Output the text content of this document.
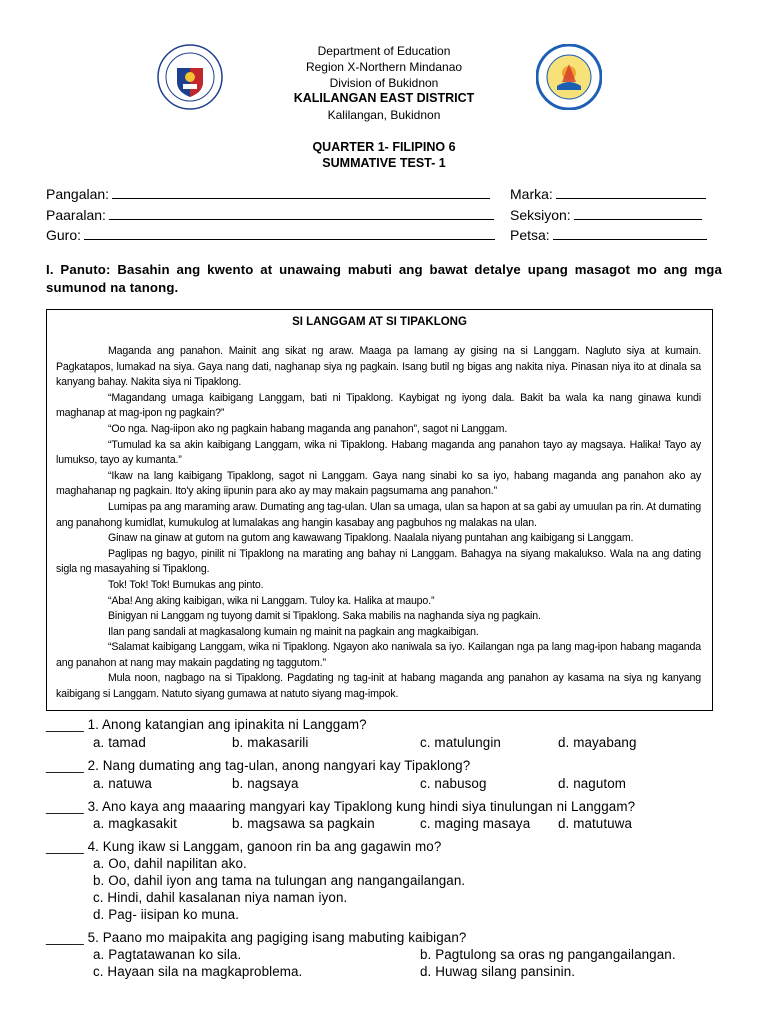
Department of Education
Region X-Northern Mindanao
Division of Bukidnon
KALILANGAN EAST DISTRICT
Kalilangan, Bukidnon
QUARTER 1- FILIPINO 6
SUMMATIVE TEST- 1
Pangalan:	Marka:
Paaralan:	Seksiyon:
Guro:	Petsa:
I. Panuto: Basahin ang kwento at unawaing mabuti ang bawat detalye upang masagot mo ang mga sumunod na tanong.
SI LANGGAM AT SI TIPAKLONG

Maganda ang panahon. Mainit ang sikat ng araw. Maaga pa lamang ay gising na si Langgam. Nagluto siya at kumain. Pagkatapos, lumakad na siya. Gaya nang dati, naghanap siya ng pagkain. Isang butil ng bigas ang nakita niya. Pinasan niya ito at dinala sa kanyang bahay. Nakita siya ni Tipaklong.

“Magandang umaga kaibigang Langgam, bati ni Tipaklong. Kaybigat ng iyong dala. Bakit ba wala ka nang ginawa kundi maghanap at mag-ipon ng pagkain?”

“Oo nga. Nag-iipon ako ng pagkain habang maganda ang panahon”, sagot ni Langgam.

“Tumulad ka sa akin kaibigang Langgam, wika ni Tipaklong. Habang maganda ang panahon tayo ay magsaya. Halika! Tayo ay lumukso, tayo ay kumanta.”

“Ikaw na lang kaibigang Tipaklong, sagot ni Langgam. Gaya nang sinabi ko sa iyo, habang maganda ang panahon ako ay maghahanap ng pagkain. Ito'y aking iipunin para ako ay may makain pagsumama ang panahon.”

Lumipas pa ang maraming araw. Dumating ang tag-ulan. Ulan sa umaga, ulan sa hapon at sa gabi ay umuulan pa rin. At dumating ang panahong kumidlat, kumukulog at lumalakas ang hangin kasabay ang pagbuhos ng malakas na ulan.

Ginaw na ginaw at gutom na gutom ang kawawang Tipaklong. Naalala niyang puntahan ang kaibigang si Langgam.

Paglipas ng bagyo, pinilit ni Tipaklong na marating ang bahay ni Langgam. Bahagya na siyang makalukso. Wala na ang dating sigla ng masayahing si Tipaklong.

Tok! Tok! Tok! Bumukas ang pinto.

“Aba! Ang aking kaibigan, wika ni Langgam. Tuloy ka. Halika at maupo.”

Binigyan ni Langgam ng tuyong damit si Tipaklong. Saka mabilis na naghanda siya ng pagkain.

Ilan pang sandali at magkasalong kumain ng mainit na pagkain ang magkaibigan.

“Salamat kaibigang Langgam, wika ni Tipaklong. Ngayon ako naniwala sa iyo. Kailangan nga pa lang mag-ipon habang maganda ang panahon at nang may makain pagdating ng taggutom.”

Mula noon, nagbago na si Tipaklong. Pagdating ng tag-init at habang maganda ang panahon ay kasama na siya ng kanyang kaibigang si Langgam. Natuto siyang gumawa at natuto siyang mag-impok.

_____ 1. Anong katangian ang ipinakita ni Langgam?
a. tamad	b. makasarili	c. matulungin	d. mayabang
_____ 2. Nang dumating ang tag-ulan, anong nangyari kay Tipaklong?
a. natuwa	b. nagsaya	c. nabusog	d. nagutom
_____ 3. Ano kaya ang maaaring mangyari kay Tipaklong kung hindi siya tinulungan ni Langgam?
a. magkasakit	b. magsawa sa pagkain	c. maging masaya d. matutuwa
_____ 4. Kung ikaw si Langgam, ganoon rin ba ang gagawin mo?
a. Oo, dahil napilitan ako.
b. Oo, dahil iyon ang tama na tulungan ang nangangailangan.
c. Hindi, dahil kasalanan niya naman iyon.
d. Pag- iisipan ko muna.
_____ 5. Paano mo maipakita ang pagiging isang mabuting kaibigan?
a. Pagtatawanan ko sila.	b. Pagtulong sa oras ng pangangailangan.
c. Hayaan sila na magkaproblema.	d. Huwag silang pansinin.
